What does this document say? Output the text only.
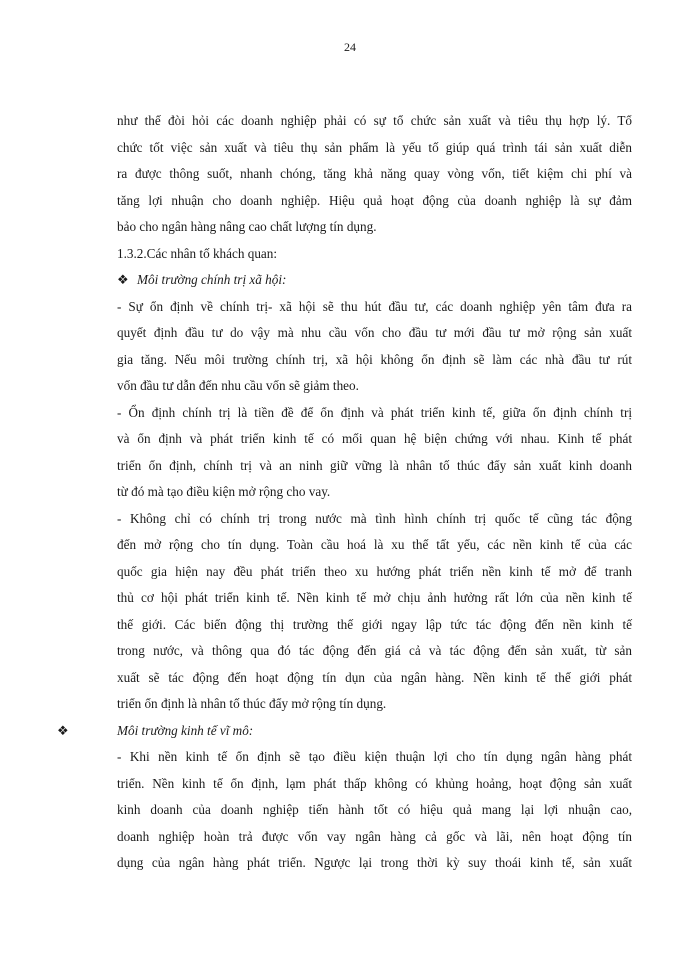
24
như thế đòi hỏi các doanh nghiệp phải có sự tổ chức sản xuất và tiêu thụ hợp lý. Tổ
chức tốt việc sản xuất và tiêu thụ sản phẩm là yếu tố giúp quá trình tái sản xuất diễn
ra được thông suốt, nhanh chóng, tăng khả năng quay vòng vốn, tiết kiệm chi phí và
tăng lợi nhuận cho doanh nghiệp. Hiệu quả hoạt động của doanh nghiệp là sự đảm
bảo cho ngân hàng nâng cao chất lượng tín dụng.
1.3.2.Các nhân tố khách quan:
❖ Môi trường chính trị xã hội:
- Sự ổn định về chính trị- xã hội sẽ thu hút đầu tư, các doanh nghiệp yên tâm đưa ra
quyết định đầu tư do vậy mà nhu cầu vốn cho đầu tư mới đầu tư mở rộng sản xuất
gia tăng. Nếu môi trường chính trị, xã hội không ổn định sẽ làm các nhà đầu tư rút
vốn đầu tư dẫn đến nhu cầu vốn sẽ giảm theo.
- Ổn định chính trị là tiền đề để ổn định và phát triển kinh tế, giữa ổn định chính trị
và ổn định và phát triển kinh tế có mối quan hệ biện chứng với nhau. Kinh tế phát
triển ổn định, chính trị và an ninh giữ vững là nhân tố thúc đẩy sản xuất kinh doanh
từ đó mà tạo điều kiện mở rộng cho vay.
- Không chỉ có chính trị trong nước mà tình hình chính trị quốc tế cũng tác động
đến mở rộng cho tín dụng. Toàn cầu hoá là xu thế tất yếu, các nền kinh tế của các
quốc gia hiện nay đều phát triển theo xu hướng phát triển nền kinh tế mở để tranh
thủ cơ hội phát triển kinh tế. Nền kinh tế mở chịu ảnh hưởng rất lớn của nền kinh tế
thế giới. Các biến động thị trường thế giới ngay lập tức tác động đến nền kinh tế
trong nước, và thông qua đó tác động đến giá cả và tác động đến sản xuất, từ sản
xuất sẽ tác động đến hoạt động tín dụn của ngân hàng. Nền kinh tế thế giới phát
triển ổn định là nhân tố thúc đẩy mở rộng tín dụng.
❖	Môi trường kinh tế vĩ mô:
- Khi nền kinh tế ổn định sẽ tạo điều kiện thuận lợi cho tín dụng ngân hàng phát
triển. Nền kinh tế ổn định, lạm phát thấp không có khủng hoảng, hoạt động sản xuất
kinh doanh của doanh nghiệp tiến hành tốt có hiệu quả mang lại lợi nhuận cao,
doanh nghiệp hoàn trả được vốn vay ngân hàng cả gốc và lãi, nên hoạt động tín
dụng của ngân hàng phát triển. Ngược lại trong thời kỳ suy thoái kinh tế, sản xuất
